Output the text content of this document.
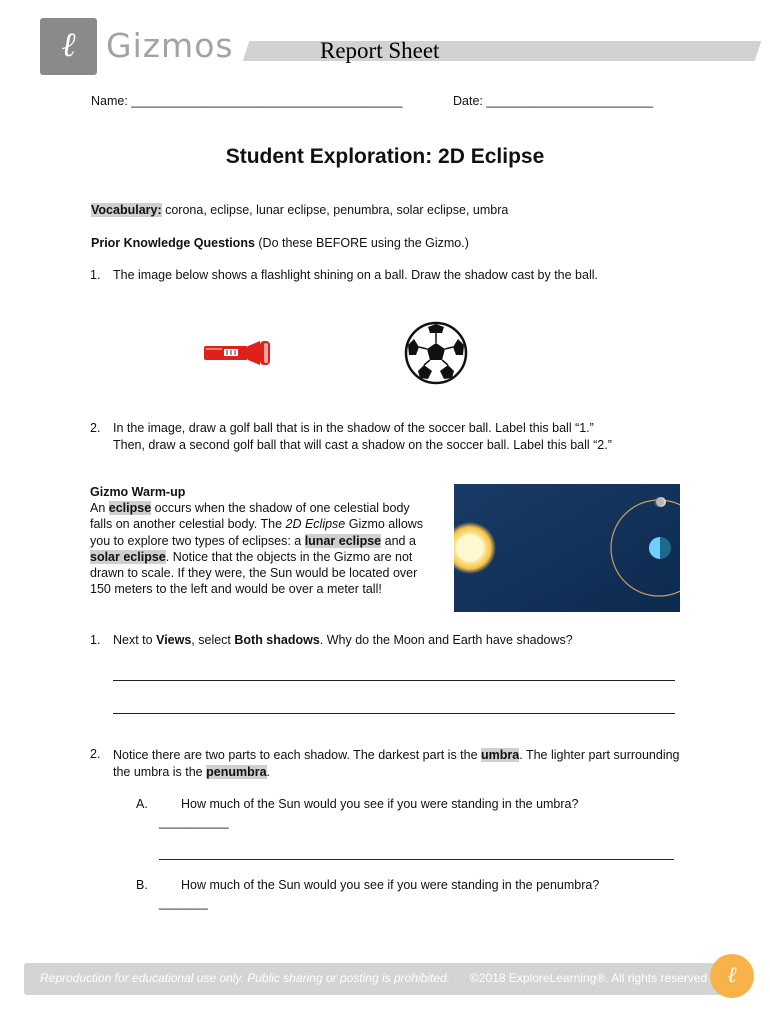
ℓ Gizmos	Report Sheet
Name: _______________________________________	Date: ________________________
Student Exploration: 2D Eclipse
Vocabulary: corona, eclipse, lunar eclipse, penumbra, solar eclipse, umbra
Prior Knowledge Questions (Do these BEFORE using the Gizmo.)
1. The image below shows a flashlight shining on a ball. Draw the shadow cast by the ball.
2. In the image, draw a golf ball that is in the shadow of the soccer ball. Label this ball “1.”
Then, draw a second golf ball that will cast a shadow on the soccer ball. Label this ball “2.”
Gizmo Warm-up
An eclipse occurs when the shadow of one celestial body falls on another celestial body. The 2D Eclipse Gizmo allows you to explore two types of eclipses: a lunar eclipse and a solar eclipse. Notice that the objects in the Gizmo are not drawn to scale. If they were, the Sun would be located over 150 meters to the left and would be over a meter tall!
1. Next to Views, select Both shadows. Why do the Moon and Earth have shadows?
2. Notice there are two parts to each shadow. The darkest part is the umbra. The lighter part surrounding the umbra is the penumbra.
A.	How much of the Sun would you see if you were standing in the umbra?
__________
B.	How much of the Sun would you see if you were standing in the penumbra?
_______
Reproduction for educational use only. Public sharing or posting is prohibited. ©2018 ExploreLearning®. All rights reserved ℓ
